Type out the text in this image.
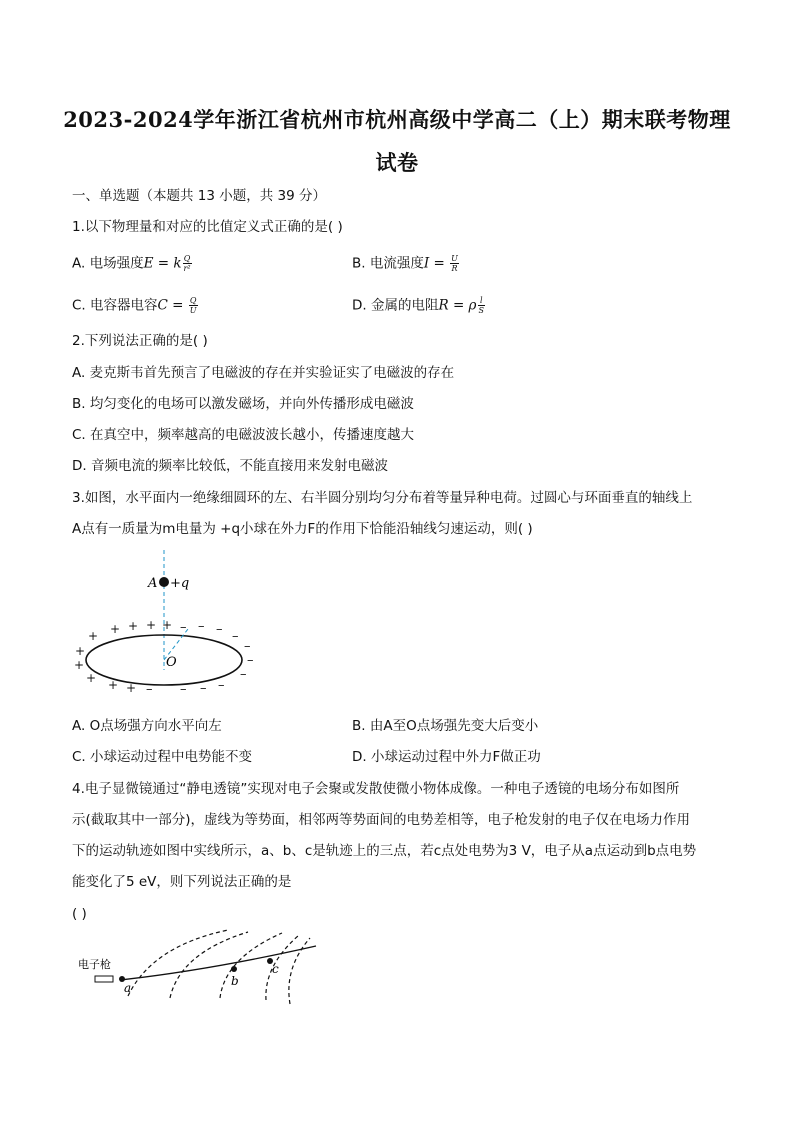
2023-2024学年浙江省杭州市杭州高级中学高二（上）期末联考物理
试卷
一、单选题（本题共 13 小题，共 39 分）
1.以下物理量和对应的比值定义式正确的是( )
A. 电场强度E = k $\frac{Q}{\text{r²}}$	B. 电流强度$I = \frac{U}{R}$
C. 电容器电容$C = \frac{Q}{U}$	D. 金属的电阻R = ρ $\frac{l}{S}$
2.下列说法正确的是( )
A. 麦克斯韦首先预言了电磁波的存在并实验证实了电磁波的存在
B. 均匀变化的电场可以激发磁场，并向外传播形成电磁波
C. 在真空中，频率越高的电磁波波长越小，传播速度越大
D. 音频电流的频率比较低，不能直接用来发射电磁波
3.如图，水平面内一绝缘细圆环的左、右半圆分别均匀分布着等量异种电荷。过圆心与环面垂直的轴线上
A点有一质量为m电量为 +q小球在外力F的作用下恰能沿轴线匀速运动，则( )
A +q
O
+ + + + +
+
+
+ + +
– – – –
–
–
–
–
–
–
–
A. O点场强方向水平向左	B. 由A至O点场强先变大后变小
C. 小球运动过程中电势能不变	D. 小球运动过程中外力F做正功
4.电子显微镜通过“静电透镜”实现对电子会聚或发散使微小物体成像。一种电子透镜的电场分布如图所
示(截取其中一部分)，虚线为等势面，相邻两等势面间的电势差相等，电子枪发射的电子仅在电场力作用
下的运动轨迹如图中实线所示，a、b、c是轨迹上的三点，若c点处电势为3 V，电子从a点运动到b点电势
能变化了5 eV，则下列说法正确的是
( )
电子枪
a	b
c
